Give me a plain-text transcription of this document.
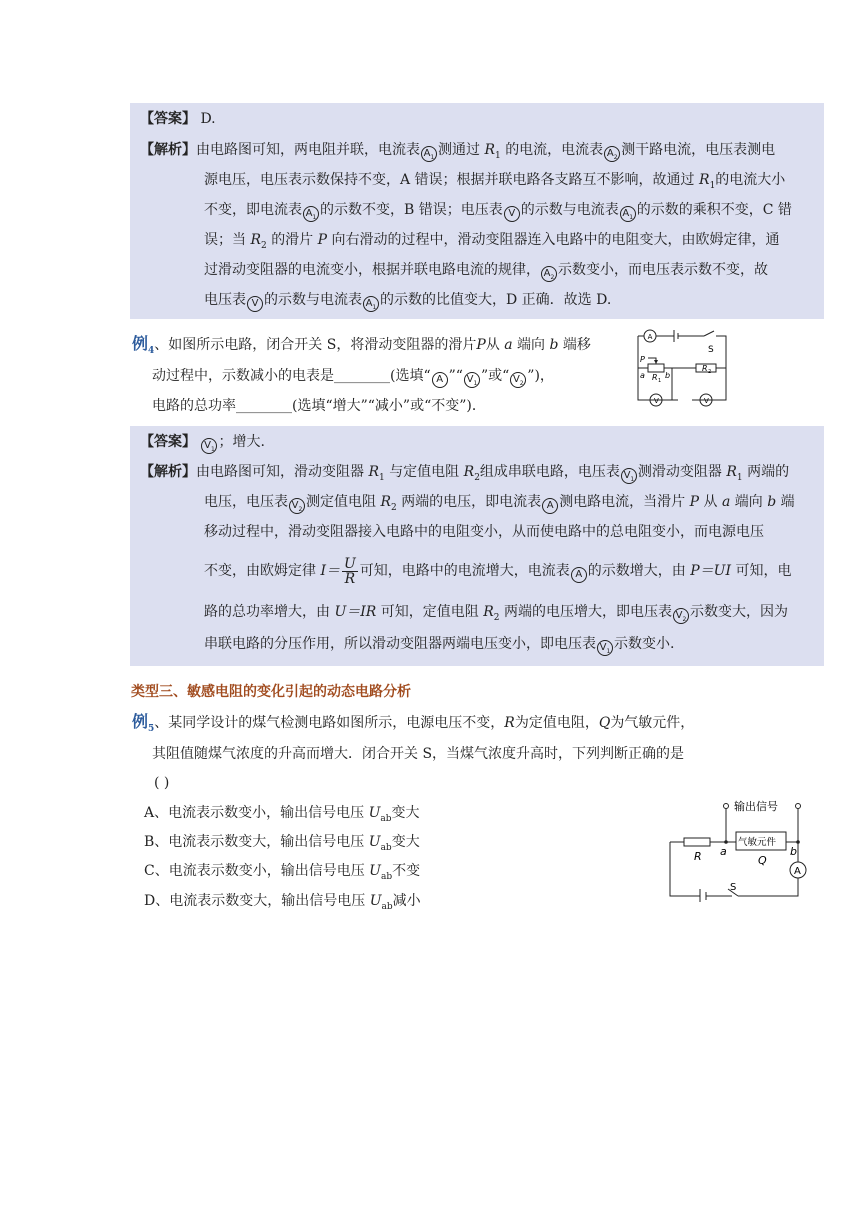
【答案】 D.
【解析】由电路图可知，两电阻并联，电流表 $A_1$ 测通过 $R_1$ 的电流，电流表 $A_2$ 测干路电流，电压表测电
源电压，电压表示数保持不变，A 错误；根据并联电路各支路互不影响，故通过 $R_1$的电流大小
不变，即电流表 $A_1$ 的示数不变，B 错误；电压表 V 的示数与电流表 $A_1$ 的示数的乘积不变，C 错
误；当 $R_2$ 的滑片 P 向右滑动的过程中，滑动变阻器连入电路中的电阻变大，由欧姆定律，通
过滑动变阻器的电流变小，根据并联电路电流的规律， $A_2$ 示数变小，而电压表示数不变，故
电压表 V 的示数与电流表 $A_1$ 的示数的比值变大，D 正确．故选 D.
例$_4$、如图所示电路，闭合开关 S，将滑动变阻器的滑片P从 a 端向 b 端移
动过程中，示数减小的电表是________(选填“ A ”“ $V_1$ ”或“ $V_2$ ”)，
电路的总功率________(选填“增大”“减小”或“不变”)．
A
S
P
a	b
R 1
R 2
V	V
【答案】 $V_1$ ；增大.
【解析】由电路图可知，滑动变阻器 $R_1$ 与定值电阻 $R_2$组成串联电路，电压表 $V_1$ 测滑动变阻器 $R_1$ 两端的
电压，电压表 $V_2$ 测定值电阻 $R_2$ 两端的电压，即电流表 A 测电路电流，当滑片 P 从 a 端向 b 端
移动过程中，滑动变阻器接入电路中的电阻变小，从而使电路中的总电阻变小，而电源电压
不变，由欧姆定律 $I= \frac{U}{R}$ 可知，电路中的电流增大，电流表 A 的示数增大，由 P＝UI 可知，电
路的总功率增大，由 U＝IR 可知，定值电阻 $R_2$ 两端的电压增大，即电压表 $V_2$ 示数变大，因为
串联电路的分压作用，所以滑动变阻器两端电压变小，即电压表 $V_1$ 示数变小.
类型三、敏感电阻的变化引起的动态电路分析
例$_5$、某同学设计的煤气检测电路如图所示，电源电压不变，R为定值电阻，Q为气敏元件，
其阻值随煤气浓度的升高而增大．闭合开关 S，当煤气浓度升高时，下列判断正确的是
( )
A、电流表示数变小，输出信号电压 $U_{ab}$变大
B、电流表示数变大，输出信号电压 $U_{ab}$变大
C、电流表示数变小，输出信号电压 $U_{ab}$不变
D、电流表示数变大，输出信号电压 $U_{ab}$减小
输出信号
气敏元件
R	Q
a	b
S
A
